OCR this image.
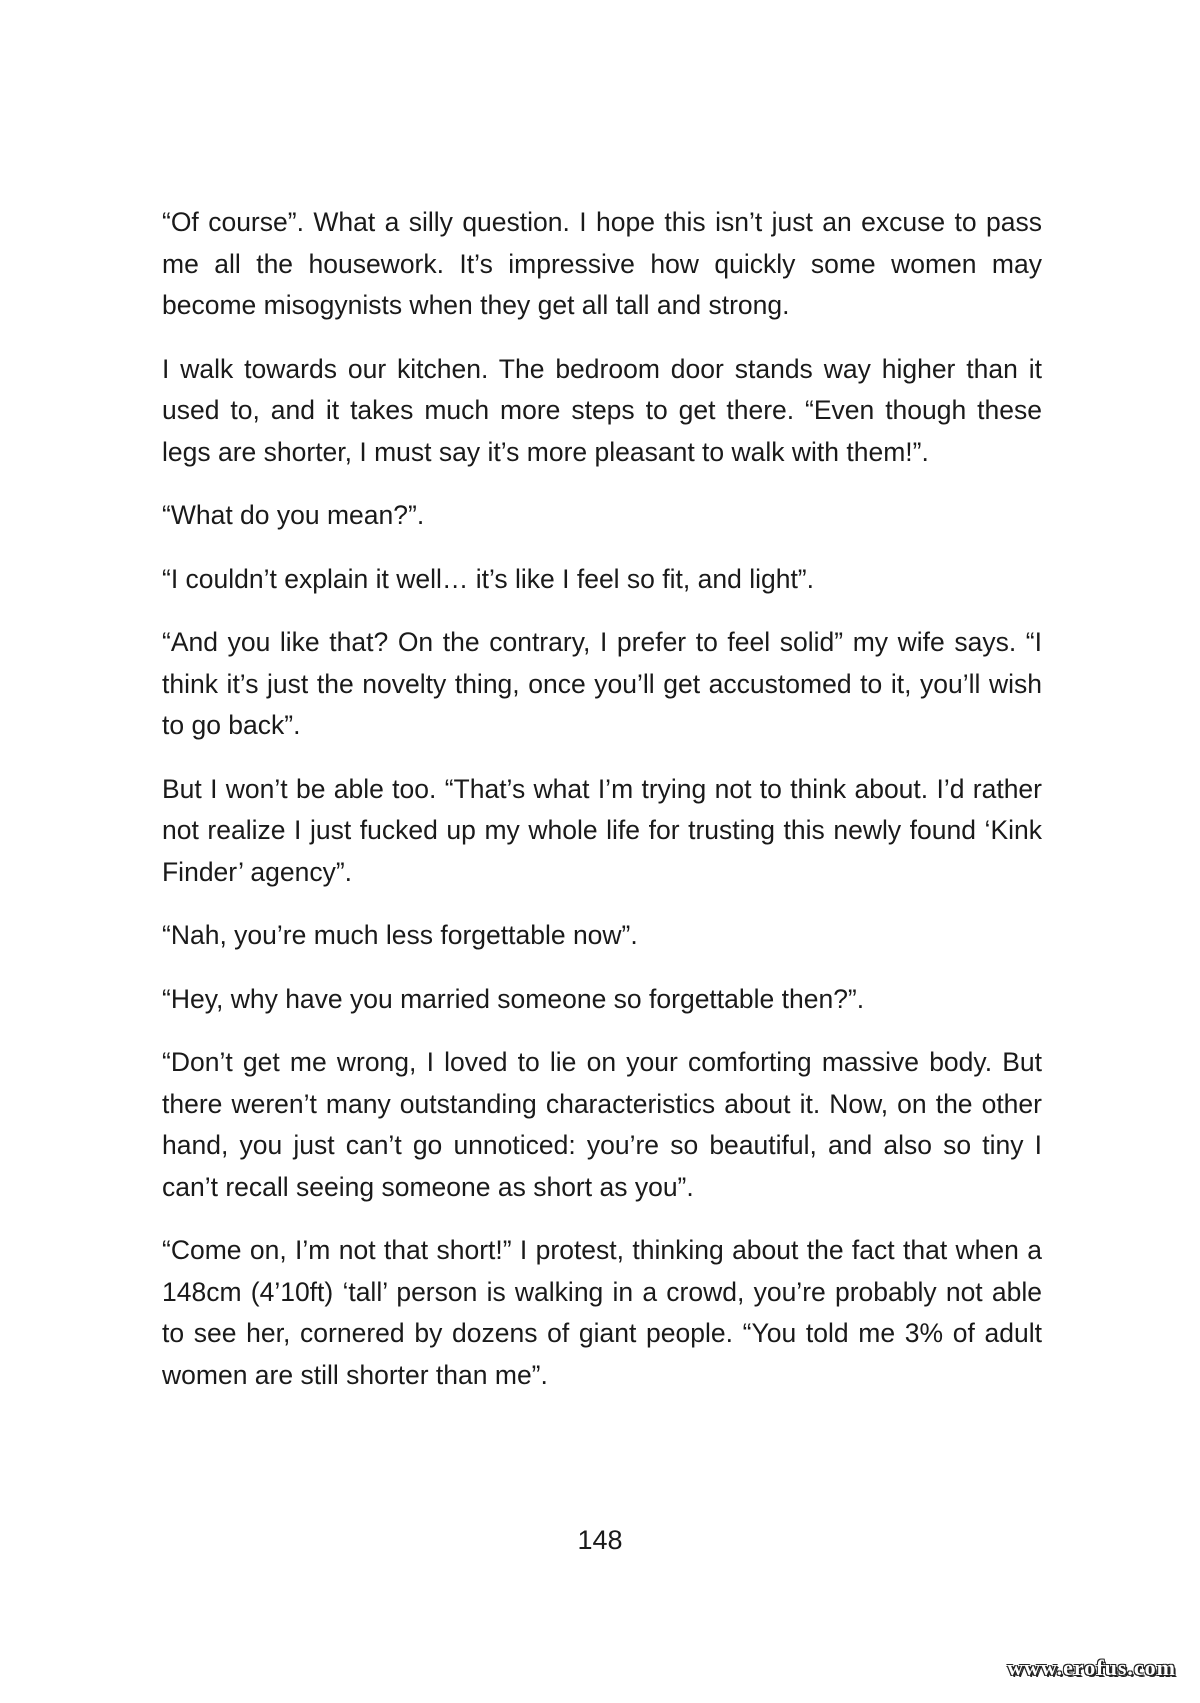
“Of course”. What a silly question. I hope this isn’t just an excuse to pass me all the housework. It’s impressive how quickly some women may become misogynists when they get all tall and strong.

I walk towards our kitchen. The bedroom door stands way higher than it used to, and it takes much more steps to get there. “Even though these legs are shorter, I must say it’s more pleasant to walk with them!”.

“What do you mean?”.

“I couldn’t explain it well… it’s like I feel so fit, and light”.

“And you like that? On the contrary, I prefer to feel solid” my wife says. “I think it’s just the novelty thing, once you’ll get accustomed to it, you’ll wish to go back”.

But I won’t be able too. “That’s what I’m trying not to think about. I’d rather not realize I just fucked up my whole life for trusting this newly found ‘Kink Finder’ agency”.

“Nah, you’re much less forgettable now”.

“Hey, why have you married someone so forgettable then?”.

“Don’t get me wrong, I loved to lie on your comforting massive body. But there weren’t many outstanding characteristics about it. Now, on the other hand, you just can’t go unnoticed: you’re so beautiful, and also so tiny I can’t recall seeing someone as short as you”.

“Come on, I’m not that short!” I protest, thinking about the fact that when a 148cm (4’10ft) ‘tall’ person is walking in a crowd, you’re probably not able to see her, cornered by dozens of giant people. “You told me 3% of adult women are still shorter than me”.

148
www.erofus.com
